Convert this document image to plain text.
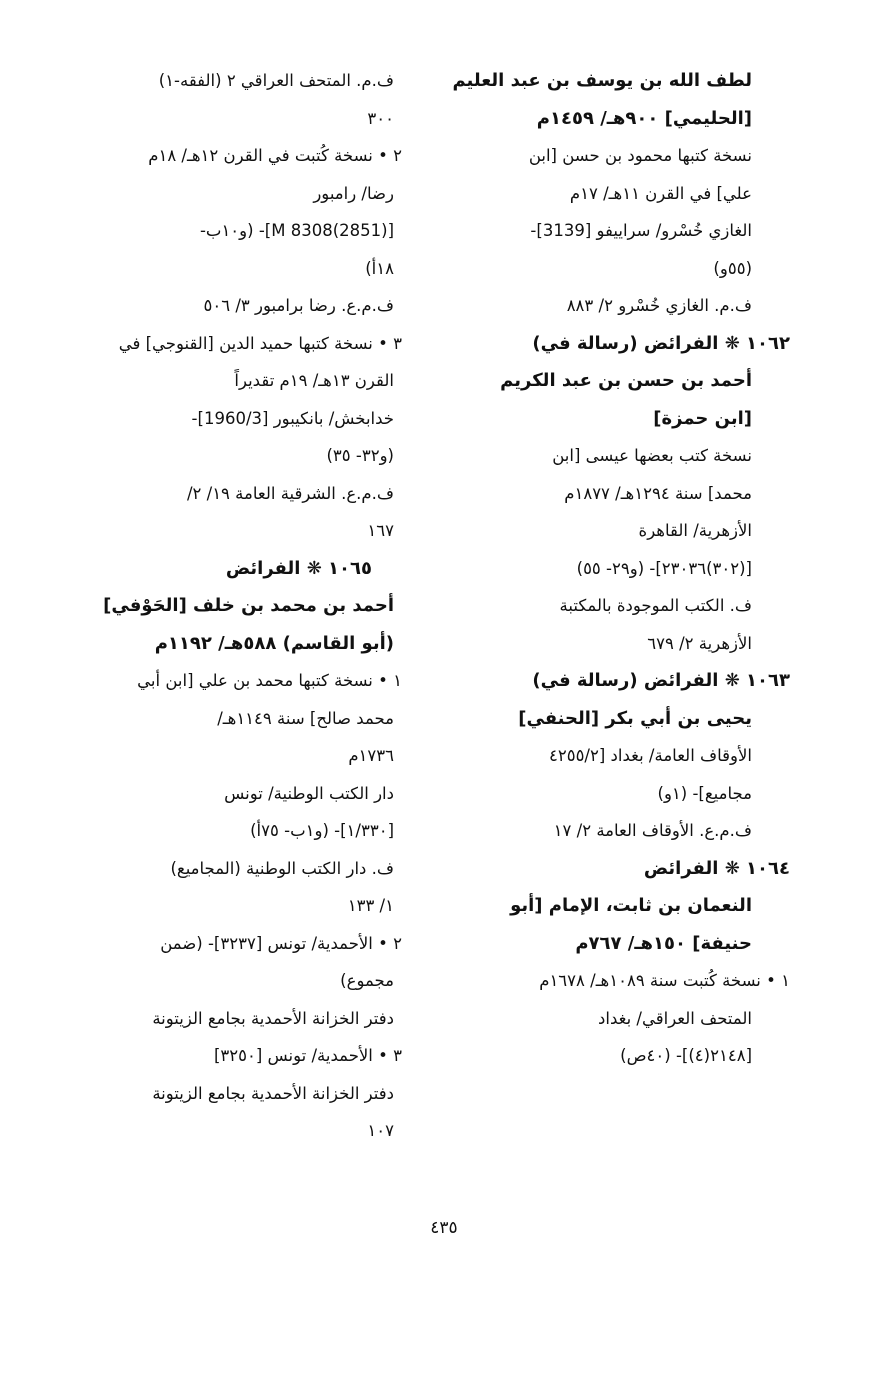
لطف الله بن يوسف بن عبد العليم
[الحليمي] ٩٠٠هـ/ ١٤٥٩م
نسخة كتبها محمود بن حسن [ابن
علي] في القرن ١١هـ/ ١٧م
الغازي خُسْرو/ سراييفو [3139]-
(٥٥و)
ف.م. الغازي خُسْرو ٢/ ٨٨٣
١٠٦٢ ❋ الفرائض (رسالة في)
أحمد بن حسن بن عبد الكريم
[ابن حمزة]
نسخة كتب بعضها عيسى [ابن
محمد] سنة ١٢٩٤هـ/ ١٨٧٧م
الأزهرية/ القاهرة
[(٣٠٢)٢٣٠٣٦]- (و٢٩- ٥٥)
ف. الكتب الموجودة بالمكتبة
الأزهرية ٢/ ٦٧٩
١٠٦٣ ❋ الفرائض (رسالة في)
يحيى بن أبي بكر [الحنفي]
الأوقاف العامة/ بغداد [٤٢٥٥/٢
مجاميع]- (١و)
ف.م.ع. الأوقاف العامة ٢/ ١٧
١٠٦٤ ❋ الفرائض
النعمان بن ثابت، الإمام [أبو
حنيفة] ١٥٠هـ/ ٧٦٧م
١ • نسخة كُتبت سنة ١٠٨٩هـ/ ١٦٧٨م
المتحف العراقي/ بغداد
[٢١٤٨(٤)]- (٤٠ص)
ف.م. المتحف العراقي ٢ (الفقه-١)
٣٠٠
٢ • نسخة كُتبت في القرن ١٢هـ/ ١٨م
رضا/ رامبور
[M 8308(2851)]- (و١٠ب-
١٨أ)
ف.م.ع. رضا برامبور ٣/ ٥٠٦
٣ • نسخة كتبها حميد الدين [القنوجي] في
القرن ١٣هـ/ ١٩م تقديراً
خدابخش/ بانكيبور [1960/3]-
(و٣٢- ٣٥)
ف.م.ع. الشرقية العامة ١٩/ ٢/
١٦٧
١٠٦٥ ❋ الفرائض
أحمد بن محمد بن خلف [الحَوْفي]
(أبو القاسم) ٥٨٨هـ/ ١١٩٢م
١ • نسخة كتبها محمد بن علي [ابن أبي
محمد صالح] سنة ١١٤٩هـ/
١٧٣٦م
دار الكتب الوطنية/ تونس
[١/٣٣٠]- (و١ب- ٧٥أ)
ف. دار الكتب الوطنية (المجاميع)
١/ ١٣٣
٢ • الأحمدية/ تونس [٣٢٣٧]- (ضمن
مجموع)
دفتر الخزانة الأحمدية بجامع الزيتونة
٣ • الأحمدية/ تونس [٣٢٥٠]
دفتر الخزانة الأحمدية بجامع الزيتونة
١٠٧
٤٣٥
